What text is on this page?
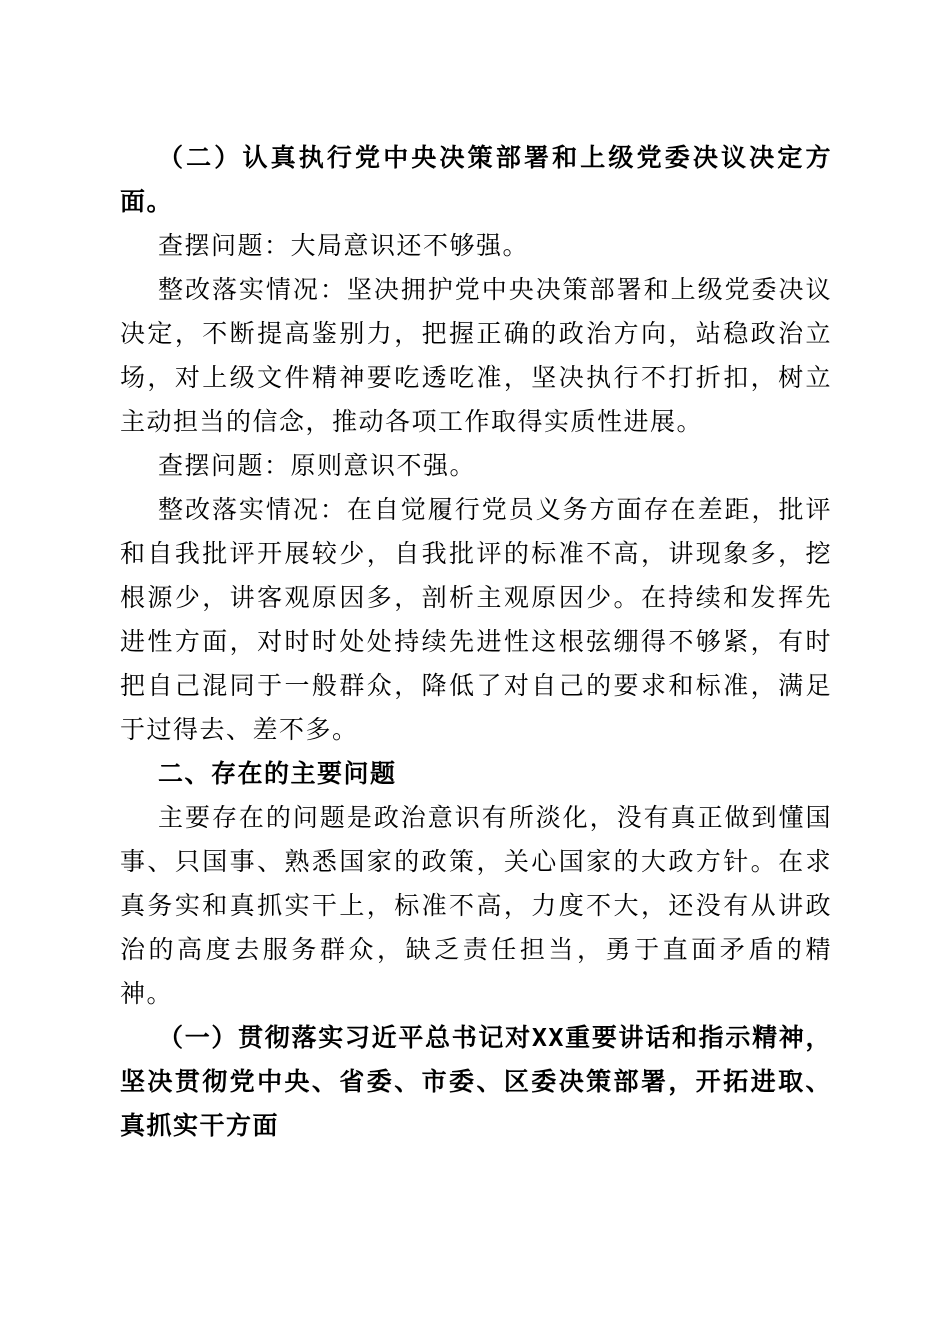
（二）认真执行党中央决策部署和上级党委决议决定方面。

查摆问题：大局意识还不够强。

整改落实情况：坚决拥护党中央决策部署和上级党委决议决定，不断提高鉴别力，把握正确的政治方向，站稳政治立场，对上级文件精神要吃透吃准，坚决执行不打折扣，树立主动担当的信念，推动各项工作取得实质性进展。

查摆问题：原则意识不强。

整改落实情况：在自觉履行党员义务方面存在差距，批评和自我批评开展较少，自我批评的标准不高，讲现象多，挖根源少，讲客观原因多，剖析主观原因少。在持续和发挥先进性方面，对时时处处持续先进性这根弦绷得不够紧，有时把自己混同于一般群众，降低了对自己的要求和标准，满足于过得去、差不多。

二、存在的主要问题

主要存在的问题是政治意识有所淡化，没有真正做到懂国事、只国事、熟悉国家的政策，关心国家的大政方针。在求真务实和真抓实干上，标准不高，力度不大，还没有从讲政治的高度去服务群众，缺乏责任担当，勇于直面矛盾的精神。

（一）贯彻落实习近平总书记对XX重要讲话和指示精神，坚决贯彻党中央、省委、市委、区委决策部署，开拓进取、真抓实干方面
